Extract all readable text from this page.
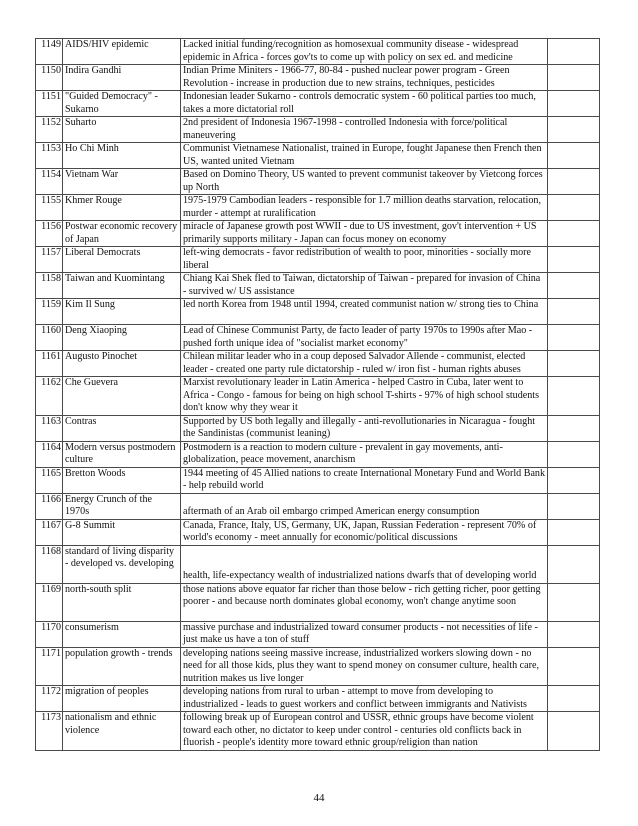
1149	AIDS/HIV epidemic	Lacked initial funding/recognition as homosexual community disease - widespread epidemic in Africa - forces gov'ts to come up with policy on sex ed. and medicine	
1150	Indira Gandhi	Indian Prime Miniters - 1966-77, 80-84 - pushed nuclear power program - Green Revolution - increase in production due to new strains, techniques, pesticides	
1151	"Guided Democracy" - Sukarno	Indonesian leader Sukarno - controls democratic system - 60 political parties too much, takes a more dictatorial roll	
1152	Suharto	2nd president of Indonesia 1967-1998 - controlled Indonesia with force/political maneuvering	
1153	Ho Chi Minh	Communist Vietnamese Nationalist, trained in Europe, fought Japanese then French then US, wanted united Vietnam	
1154	Vietnam War	Based on Domino Theory, US wanted to prevent communist takeover by Vietcong forces up North	
1155	Khmer Rouge	1975-1979 Cambodian leaders - responsible for 1.7 million deaths starvation, relocation, murder - attempt at ruralification	
1156	Postwar economic recovery of Japan	miracle of Japanese growth post WWII - due to US investment, gov't intervention + US primarily supports military - Japan can focus money on economy	
1157	Liberal Democrats	left-wing democrats - favor redistribution of wealth to poor, minorities - socially more liberal	
1158	Taiwan and Kuomintang	Chiang Kai Shek fled to Taiwan, dictatorship of Taiwan - prepared for invasion of China - survived w/ US assistance	
1159	Kim Il Sung	led north Korea from 1948 until 1994, created communist nation w/ strong ties to China	
1160	Deng Xiaoping	Lead of Chinese Communist Party, de facto leader of party 1970s to 1990s after Mao - pushed forth unique idea of "socialist market economy"	
1161	Augusto Pinochet	Chilean militar leader who in a coup deposed Salvador Allende - communist, elected leader - created one party rule dictatorship - ruled w/ iron fist - human rights abuses	
1162	Che Guevera	Marxist revolutionary leader in Latin America - helped Castro in Cuba, later went to Africa - Congo - famous for being on high school T-shirts - 97% of high school students don't know why they wear it	
1163	Contras	Supported by US both legally and illegally - anti-revollutionaries in Nicaragua - fought the Sandinistas (communist leaning)	
1164	Modern versus postmodern culture	Postmodern is a reaction to modern culture - prevalent in gay movements, anti-globalization, peace movement, anarchism	
1165	Bretton Woods	1944 meeting of 45 Allied nations to create International Monetary Fund and World Bank - help rebuild world	
1166	Energy Crunch of the 1970s	aftermath of an Arab oil embargo crimped American energy consumption	
1167	G-8 Summit	Canada, France, Italy, US, Germany, UK, Japan, Russian Federation - represent 70% of world's economy - meet annually for economic/political discussions	
1168	standard of living disparity - developed vs. developing	health, life-expectancy wealth of industrialized nations dwarfs that of developing world	
1169	north-south split	those nations above equator far richer than those below - rich getting richer, poor getting poorer - and because north dominates global economy, won't change anytime soon	
1170	consumerism	massive purchase and industrialized toward consumer products - not necessities of life - just make us have a ton of stuff	
1171	population growth - trends	developing nations seeing massive increase, industrialized workers slowing down - no need for all those kids, plus they want to spend money on consumer culture, health care, nutrition makes us live longer	
1172	migration of peoples	developing nations from rural to urban - attempt to move from developing to industrialized - leads to guest workers and conflict between immigrants and Nativists	
1173	nationalism and ethnic violence	following break up of European control and USSR, ethnic groups have become violent toward each other, no dictator to keep under control - centuries old conflicts back in fluorish - people's identity more toward ethnic group/religion than nation	
44
